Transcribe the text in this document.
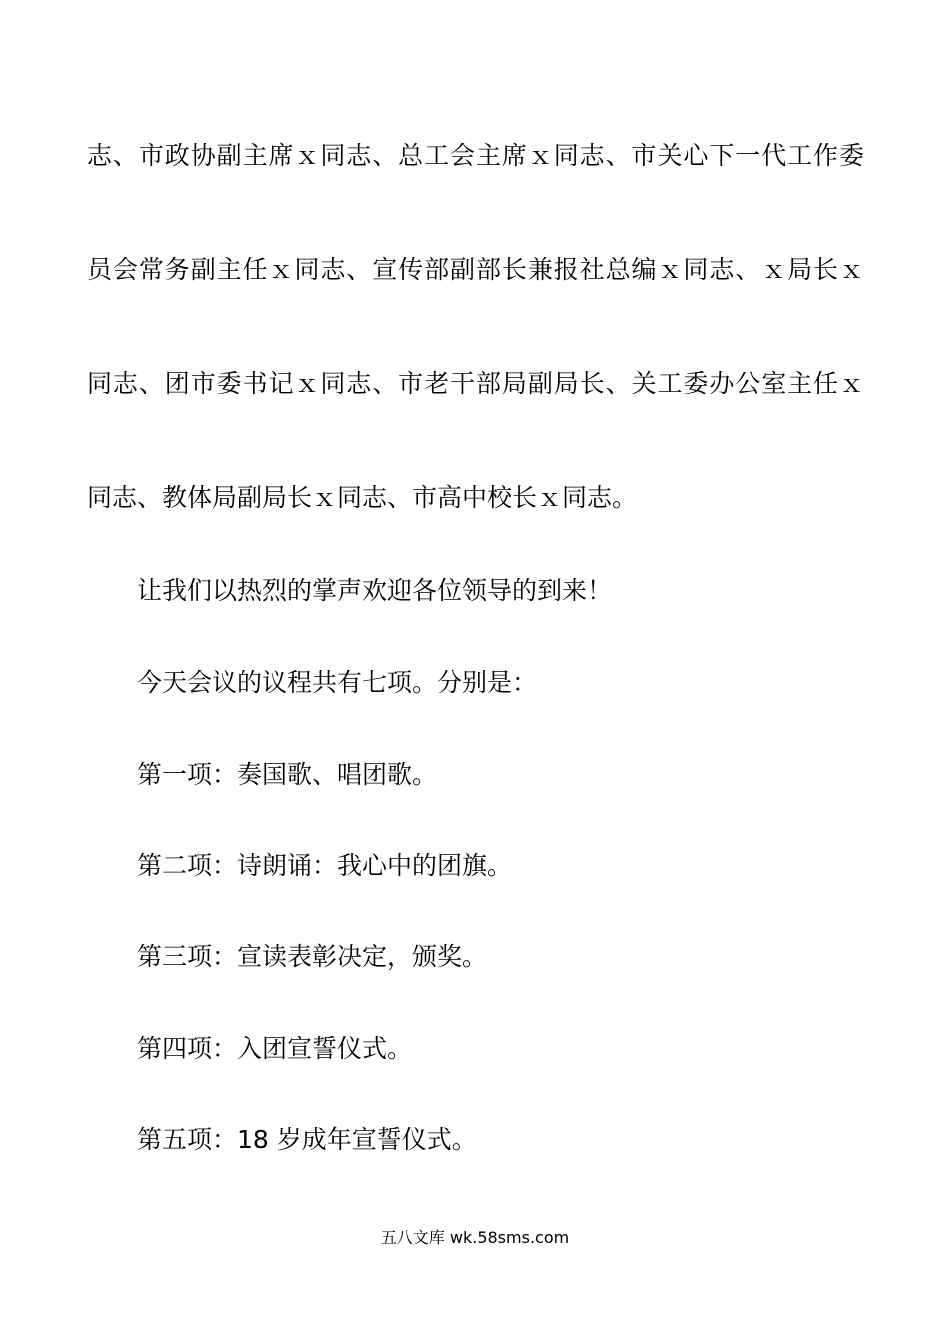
志、市政协副主席ｘ同志、总工会主席ｘ同志、市关心下一代工作委
员会常务副主任ｘ同志、宣传部副部长兼报社总编ｘ同志、ｘ局长ｘ
同志、团市委书记ｘ同志、市老干部局副局长、关工委办公室主任ｘ
同志、教体局副局长ｘ同志、市高中校长ｘ同志。
让我们以热烈的掌声欢迎各位领导的到来！
今天会议的议程共有七项。分别是：
第一项：奏国歌、唱团歌。
第二项：诗朗诵：我心中的团旗。
第三项：宣读表彰决定，颁奖。
第四项：入团宣誓仪式。
第五项：18 岁成年宣誓仪式。
五八文库 wk.58sms.com
